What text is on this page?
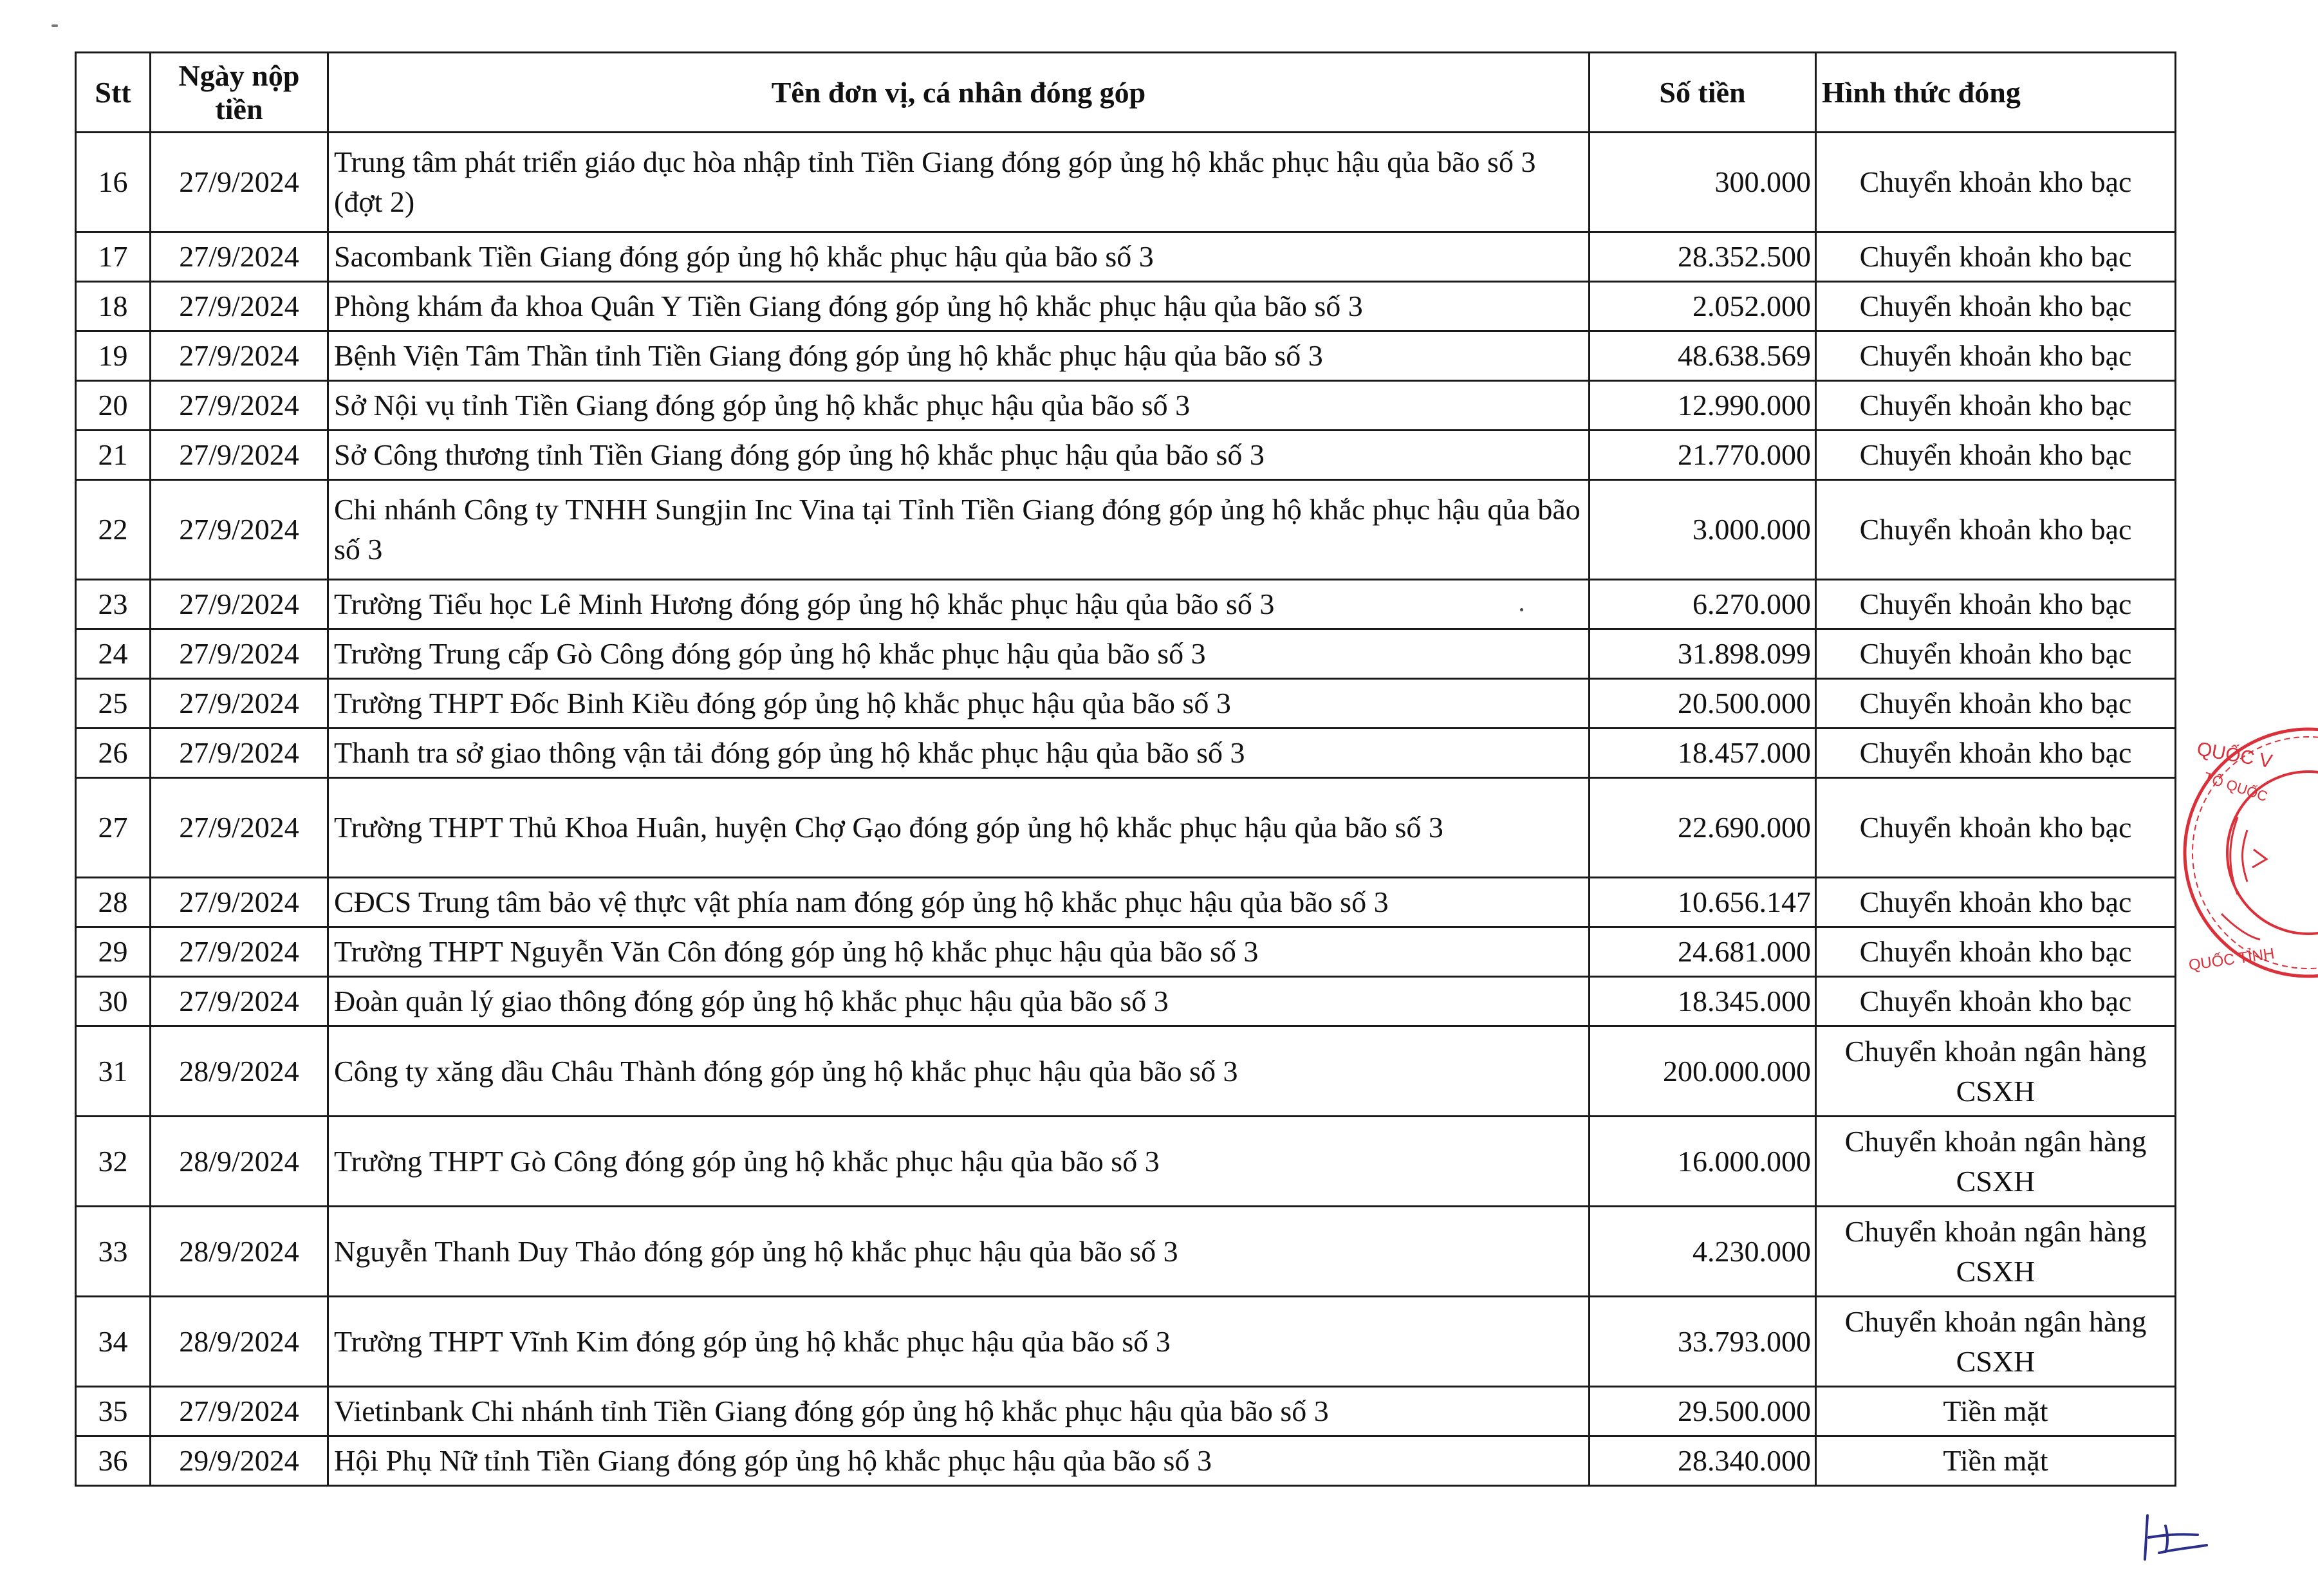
Stt	Ngày nộp tiền	Tên đơn vị, cá nhân đóng góp	Số tiền	Hình thức đóng
16	27/9/2024	Trung tâm phát triển giáo dục hòa nhập tỉnh Tiền Giang đóng góp ủng hộ khắc phục hậu qủa bão số 3 (đợt 2)	300.000	Chuyển khoản kho bạc
17	27/9/2024	Sacombank Tiền Giang đóng góp ủng hộ khắc phục hậu qủa bão số 3	28.352.500	Chuyển khoản kho bạc
18	27/9/2024	Phòng khám đa khoa Quân Y Tiền Giang đóng góp ủng hộ khắc phục hậu qủa bão số 3	2.052.000	Chuyển khoản kho bạc
19	27/9/2024	Bệnh Viện Tâm Thần tỉnh Tiền Giang đóng góp ủng hộ khắc phục hậu qủa bão số 3	48.638.569	Chuyển khoản kho bạc
20	27/9/2024	Sở Nội vụ tỉnh Tiền Giang đóng góp ủng hộ khắc phục hậu qủa bão số 3	12.990.000	Chuyển khoản kho bạc
21	27/9/2024	Sở Công thương tỉnh Tiền Giang đóng góp ủng hộ khắc phục hậu qủa bão số 3	21.770.000	Chuyển khoản kho bạc
22	27/9/2024	Chi nhánh Công ty TNHH Sungjin Inc Vina tại Tỉnh Tiền Giang đóng góp ủng hộ khắc phục hậu qủa bão số 3	3.000.000	Chuyển khoản kho bạc
23	27/9/2024	Trường Tiểu học Lê Minh Hương đóng góp ủng hộ khắc phục hậu qủa bão số 3	6.270.000	Chuyển khoản kho bạc
24	27/9/2024	Trường Trung cấp Gò Công đóng góp ủng hộ khắc phục hậu qủa bão số 3	31.898.099	Chuyển khoản kho bạc
25	27/9/2024	Trường THPT Đốc Binh Kiều đóng góp ủng hộ khắc phục hậu qủa bão số 3	20.500.000	Chuyển khoản kho bạc
26	27/9/2024	Thanh tra sở giao thông vận tải đóng góp ủng hộ khắc phục hậu qủa bão số 3	18.457.000	Chuyển khoản kho bạc
27	27/9/2024	Trường THPT Thủ Khoa Huân, huyện Chợ Gạo đóng góp ủng hộ khắc phục hậu qủa bão số 3	22.690.000	Chuyển khoản kho bạc
28	27/9/2024	CĐCS Trung tâm bảo vệ thực vật phía nam đóng góp ủng hộ khắc phục hậu qủa bão số 3	10.656.147	Chuyển khoản kho bạc
29	27/9/2024	Trường THPT Nguyễn Văn Côn đóng góp ủng hộ khắc phục hậu qủa bão số 3	24.681.000	Chuyển khoản kho bạc
30	27/9/2024	Đoàn quản lý giao thông đóng góp ủng hộ khắc phục hậu qủa bão số 3	18.345.000	Chuyển khoản kho bạc
31	28/9/2024	Công ty xăng dầu Châu Thành đóng góp ủng hộ khắc phục hậu qủa bão số 3	200.000.000	Chuyển khoản ngân hàng CSXH
32	28/9/2024	Trường THPT Gò Công đóng góp ủng hộ khắc phục hậu qủa bão số 3	16.000.000	Chuyển khoản ngân hàng CSXH
33	28/9/2024	Nguyễn Thanh Duy Thảo đóng góp ủng hộ khắc phục hậu qủa bão số 3	4.230.000	Chuyển khoản ngân hàng CSXH
34	28/9/2024	Trường THPT Vĩnh Kim đóng góp ủng hộ khắc phục hậu qủa bão số 3	33.793.000	Chuyển khoản ngân hàng CSXH
35	27/9/2024	Vietinbank Chi nhánh tỉnh Tiền Giang đóng góp ủng hộ khắc phục hậu qủa bão số 3	29.500.000	Tiền mặt
36	29/9/2024	Hội Phụ Nữ tỉnh Tiền Giang đóng góp ủng hộ khắc phục hậu qủa bão số 3	28.340.000	Tiền mặt
QUỐC V
TỔ QUỐC
QUỐC TỈNH
